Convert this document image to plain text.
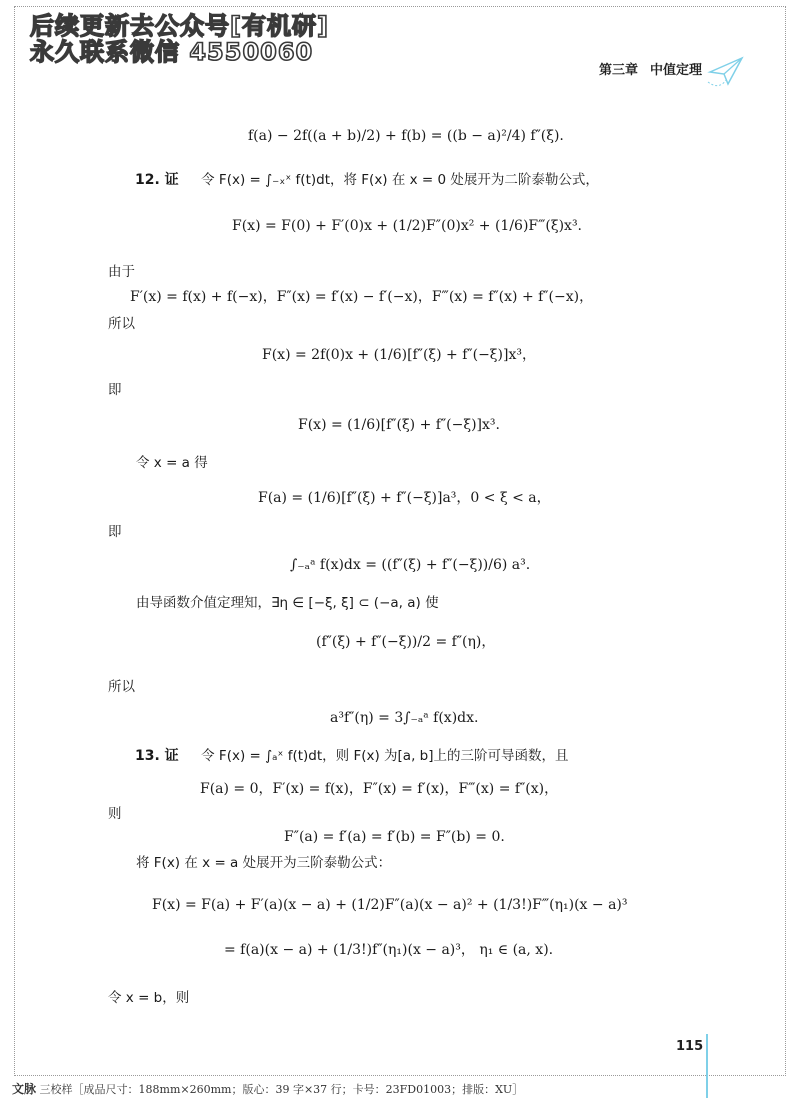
后续更新去公众号[有机研]
永久联系微信 4550060
第三章 中值定理
f(a) − 2f((a + b)/2) + f(b) = ((b − a)²/4) f″(ξ).
12. 证 令 F(x) = ∫₋ₓˣ f(t)dt，将 F(x) 在 x = 0 处展开为二阶泰勒公式，
F(x) = F(0) + F′(0)x + (1/2)F″(0)x² + (1/6)F‴(ξ)x³.
由于
F′(x) = f(x) + f(−x)，F″(x) = f′(x) − f′(−x)，F‴(x) = f″(x) + f″(−x)，
所以
F(x) = 2f(0)x + (1/6)[f″(ξ) + f″(−ξ)]x³，
即
F(x) = (1/6)[f″(ξ) + f″(−ξ)]x³.
令 x = a 得
F(a) = (1/6)[f″(ξ) + f″(−ξ)]a³，0 < ξ < a，
即
∫₋ₐᵃ f(x)dx = ((f″(ξ) + f″(−ξ))/6) a³.
由导函数介值定理知，∃η ∈ [−ξ, ξ] ⊂ (−a, a) 使
(f″(ξ) + f″(−ξ))/2 = f″(η)，
所以
a³f″(η) = 3∫₋ₐᵃ f(x)dx.
13. 证 令 F(x) = ∫ₐˣ f(t)dt，则 F(x) 为[a, b]上的三阶可导函数，且
F(a) = 0，F′(x) = f(x)，F″(x) = f′(x)，F‴(x) = f″(x)，
则
F″(a) = f′(a) = f′(b) = F″(b) = 0.
将 F(x) 在 x = a 处展开为三阶泰勒公式：
F(x) = F(a) + F′(a)(x − a) + (1/2)F″(a)(x − a)² + (1/3!)F‴(η₁)(x − a)³
= f(a)(x − a) + (1/3!)f″(η₁)(x − a)³， η₁ ∈ (a, x).
令 x = b，则
115
文脉 三校样［成品尺寸：188mm×260mm；版心：39 字×37 行；卡号：23FD01003；排版：XU］
